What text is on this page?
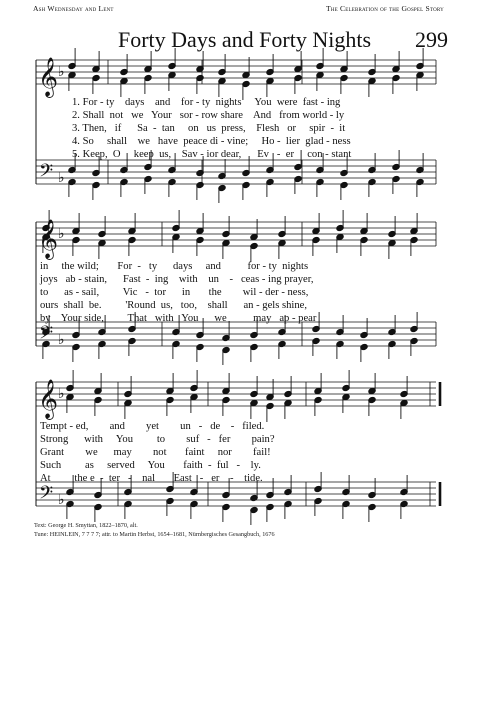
Ash Wednesday and Lent	The Celebration of the Gospel Story
Forty Days and Forty Nights 299
𝄞
𝄢
♭
♭
𝄞
𝄢
♭
♭
𝄞
𝄢
♭
♭
1. For - ty    days    and    for - ty  nights     You  were  fast - ing
2. Shall  not   we   Your   sor - row share    And   from world - ly
3. Then,   if      Sa  -  tan     on   us  press,    Flesh   or     spir  -  it
4. So     shall    we   have  peace di - vine;     Ho -  lier  glad - ness
5. Keep,  O     keep  us,    Sav - ior dear,      Ev   -  er     con - stant
in     the wild;       For  -   ty      days     and          for - ty  nights
joys   ab - stain,      Fast  -  ing    with    un    -   ceas - ing prayer,
to      as - sail,         Vic   -  tor      in       the        wil - der - ness,
ours  shall  be.         'Round  us,   too,    shall      an - gels shine,
by    Your side,         That   with   You      we          may   ap - pear
Tempt - ed,        and        yet        un   -   de    -   filed.
Strong      with     You         to        suf   -   fer        pain?
Grant        we      may        not       faint     nor        fail!
Such         as     served     You       faith  -  ful   -    ly.
At         the e  -  ter   -    nal       East   -   er    -    tide.
Text: George H. Smyttan, 1822–1870, alt.
Tune: HEINLEIN, 7 7 7 7; attr. to Martin Herbst, 1654–1681, Nürnbergisches Gesangbuch, 1676
